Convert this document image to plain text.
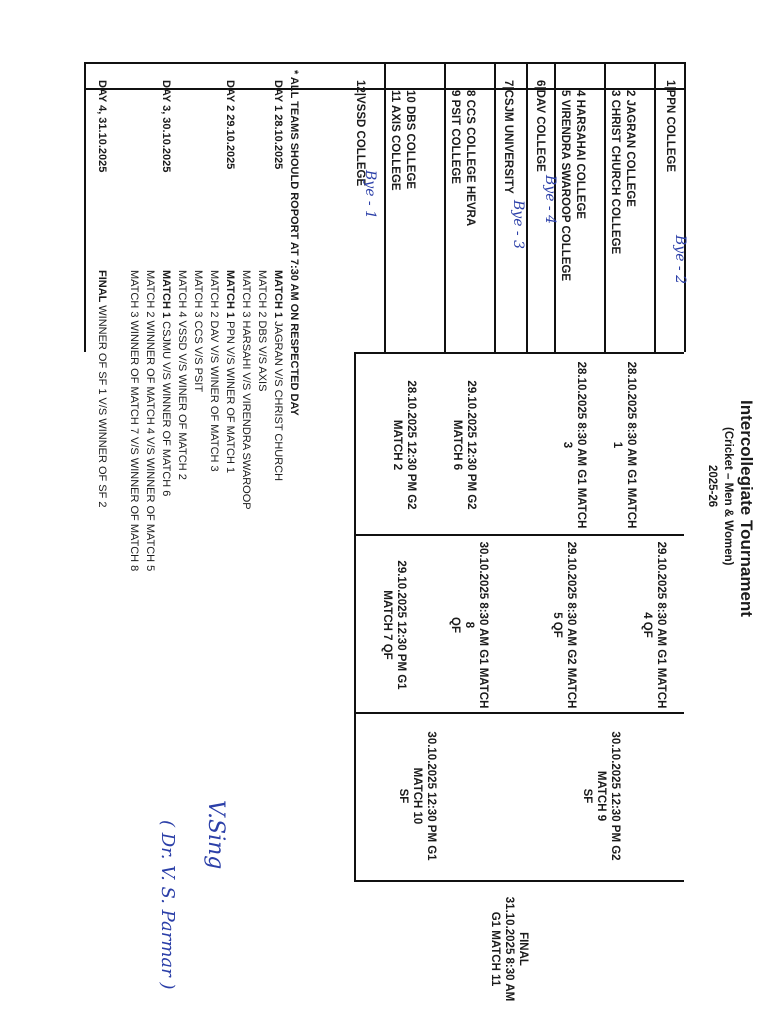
Intercollegiate Tournament
(Cricket – Men & Women)
2025-26
1|PPN COLLEGE
Bye - 2
2 JAGRAN COLLEGE
3 CHRIST CHURCH COLLEGE
4 HARSAHAI COLLEGE
5 VIRENDRA SWAROOP COLLEGE
6|DAV COLLEGE
Bye - 4
7|CSJM UNIVERSITY
Bye - 3
8 CCS COLLEGE HEVRA
9 PSIT COLLEGE
10 DBS COLLEGE
11 AXIS COLLEGE
12|VSSD COLLEGE
Bye - 1
28.10.2025 8:30 AM G1 MATCH
1
28.10.2025 8:30 AM G1 MATCH
3
29.10.2025 12:30 PM G2
MATCH 6
28.10.2025 12:30 PM G2
MATCH 2
29.10.2025 8:30 AM G1 MATCH
4 QF
29.10.2025 8:30 AM G2 MATCH
5 QF
30.10.2025 8:30 AM G1 MATCH
8
QF
29.10.2025 12:30 PM G1
MATCH 7 QF
30.10.2025 12:30 PM G2
MATCH 9
SF
30.10.2025 12:30 PM G1
MATCH 10
SF
FINAL
31.10.2025 8:30 AM
G1 MATCH 11
* ALL TEAMS SHOULD ROPORT AT 7:30 AM ON RESPECTED DAY
DAY 1 28.10.2025
MATCH 1 JAGRAN V/S CHRIST CHURCH
MATCH 2 DBS V/S AXIS
MATCH 3 HARSAHI V/S VIRENDRA SWAROOP
DAY 2 29.10.2025
MATCH 1 PPN V/S WINER OF MATCH 1
MATCH 2 DAV V/S WINER OF MATCH 3
MATCH 3 CCS V/S PSIT
MATCH 4 VSSD V/S WINER OF MATCH 2
DAY 3, 30.10.2025
MATCH 1 CSJMU V/S WINNER OF MATCH 6
MATCH 2 WINNER OF MATCH 4 V/S WINNER OF MATCH 5
MATCH 3 WINNER OF MATCH 7 V/S WINNER OF MATCH 8
DAY 4, 31.10.2025
FINAL WINNER OF SF 1 V/S WINNER OF SF 2
V.Sing
( Dr. V. S. Parmar )
